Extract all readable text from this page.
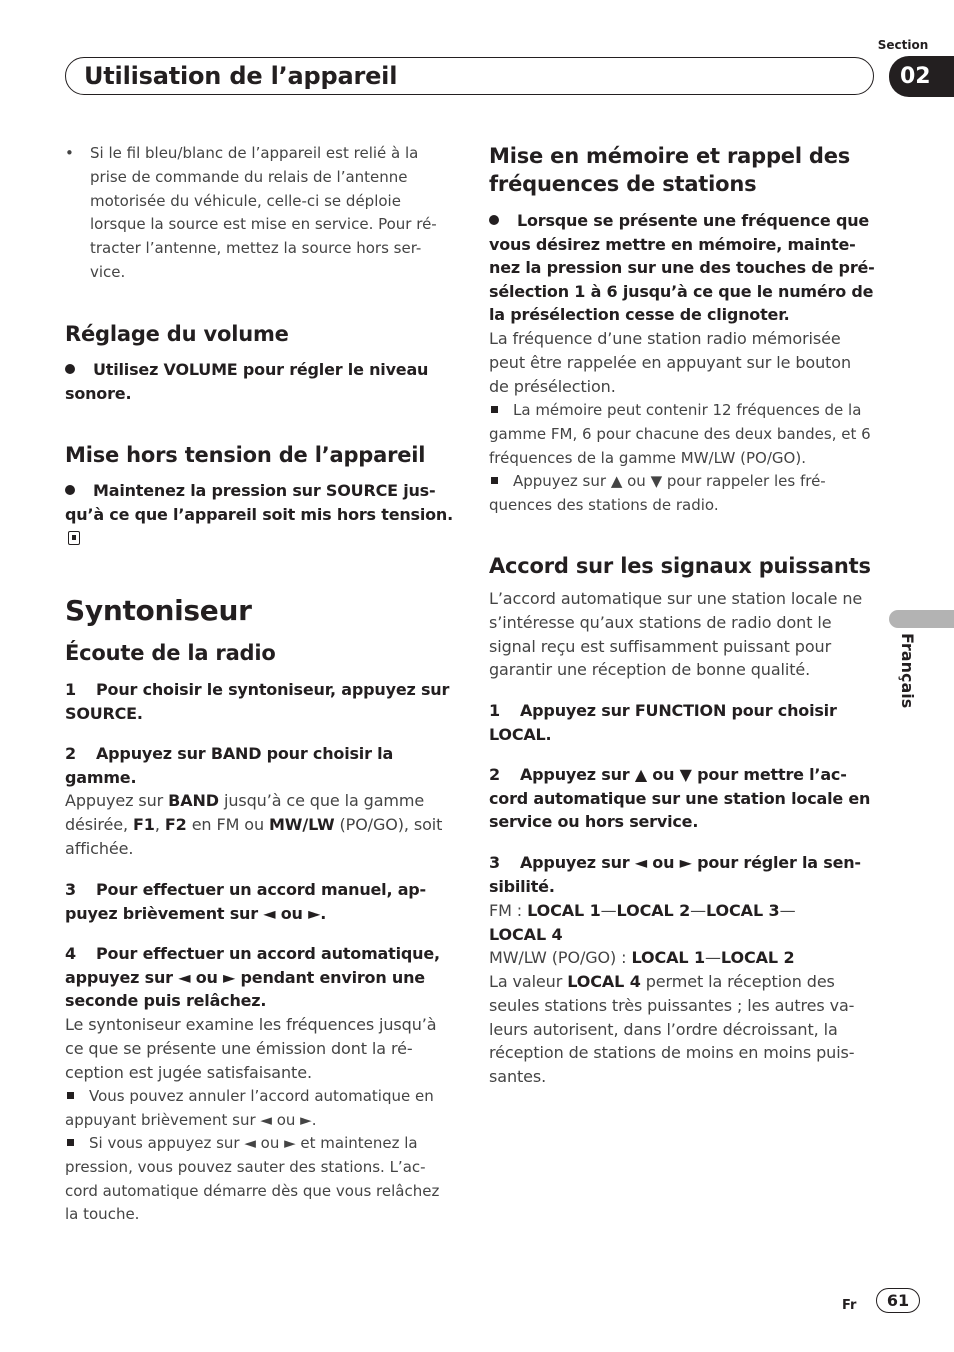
Section
Utilisation de l’appareil	02
Français
• Si le fil bleu/blanc de l’appareil est relié à la prise de commande du relais de l’antenne motorisée du véhicule, celle-ci se déploie lorsque la source est mise en service. Pour ré- tracter l’antenne, mettez la source hors ser- vice.
Réglage du volume
Utilisez VOLUME pour régler le niveau sonore.
Mise hors tension de l’appareil
Maintenez la pression sur SOURCE jus- qu’à ce que l’appareil soit mis hors tension.
Syntoniseur
Écoute de la radio
1 Pour choisir le syntoniseur, appuyez sur SOURCE.
2 Appuyez sur BAND pour choisir la gamme.
Appuyez sur BAND jusqu’à ce que la gamme désirée, F1, F2 en FM ou MW/LW (PO/GO), soit affichée.
3 Pour effectuer un accord manuel, ap- puyez brièvement sur ◄ ou ►.
4 Pour effectuer un accord automatique, appuyez sur ◄ ou ► pendant environ une seconde puis relâchez.
Le syntoniseur examine les fréquences jusqu’à ce que se présente une émission dont la ré- ception est jugée satisfaisante.
Vous pouvez annuler l’accord automatique en appuyant brièvement sur ◄ ou ►.
Si vous appuyez sur ◄ ou ► et maintenez la pression, vous pouvez sauter des stations. L’ac- cord automatique démarre dès que vous relâchez la touche.
Mise en mémoire et rappel des fréquences de stations
Lorsque se présente une fréquence que vous désirez mettre en mémoire, mainte- nez la pression sur une des touches de pré- sélection 1 à 6 jusqu’à ce que le numéro de la présélection cesse de clignoter.
La fréquence d’une station radio mémorisée peut être rappelée en appuyant sur le bouton de présélection.
La mémoire peut contenir 12 fréquences de la gamme FM, 6 pour chacune des deux bandes, et 6 fréquences de la gamme MW/LW (PO/GO).
Appuyez sur ▲ ou ▼ pour rappeler les fré- quences des stations de radio.
Accord sur les signaux puissants
L’accord automatique sur une station locale ne s’intéresse qu’aux stations de radio dont le signal reçu est suffisamment puissant pour garantir une réception de bonne qualité.
1 Appuyez sur FUNCTION pour choisir LOCAL.
2 Appuyez sur ▲ ou ▼ pour mettre l’ac- cord automatique sur une station locale en service ou hors service.
3 Appuyez sur ◄ ou ► pour régler la sen- sibilité.
FM : LOCAL 1—LOCAL 2—LOCAL 3—
LOCAL 4
MW/LW (PO/GO) : LOCAL 1—LOCAL 2
La valeur LOCAL 4 permet la réception des seules stations très puissantes ; les autres va- leurs autorisent, dans l’ordre décroissant, la réception de stations de moins en moins puis- santes.
Fr	61
